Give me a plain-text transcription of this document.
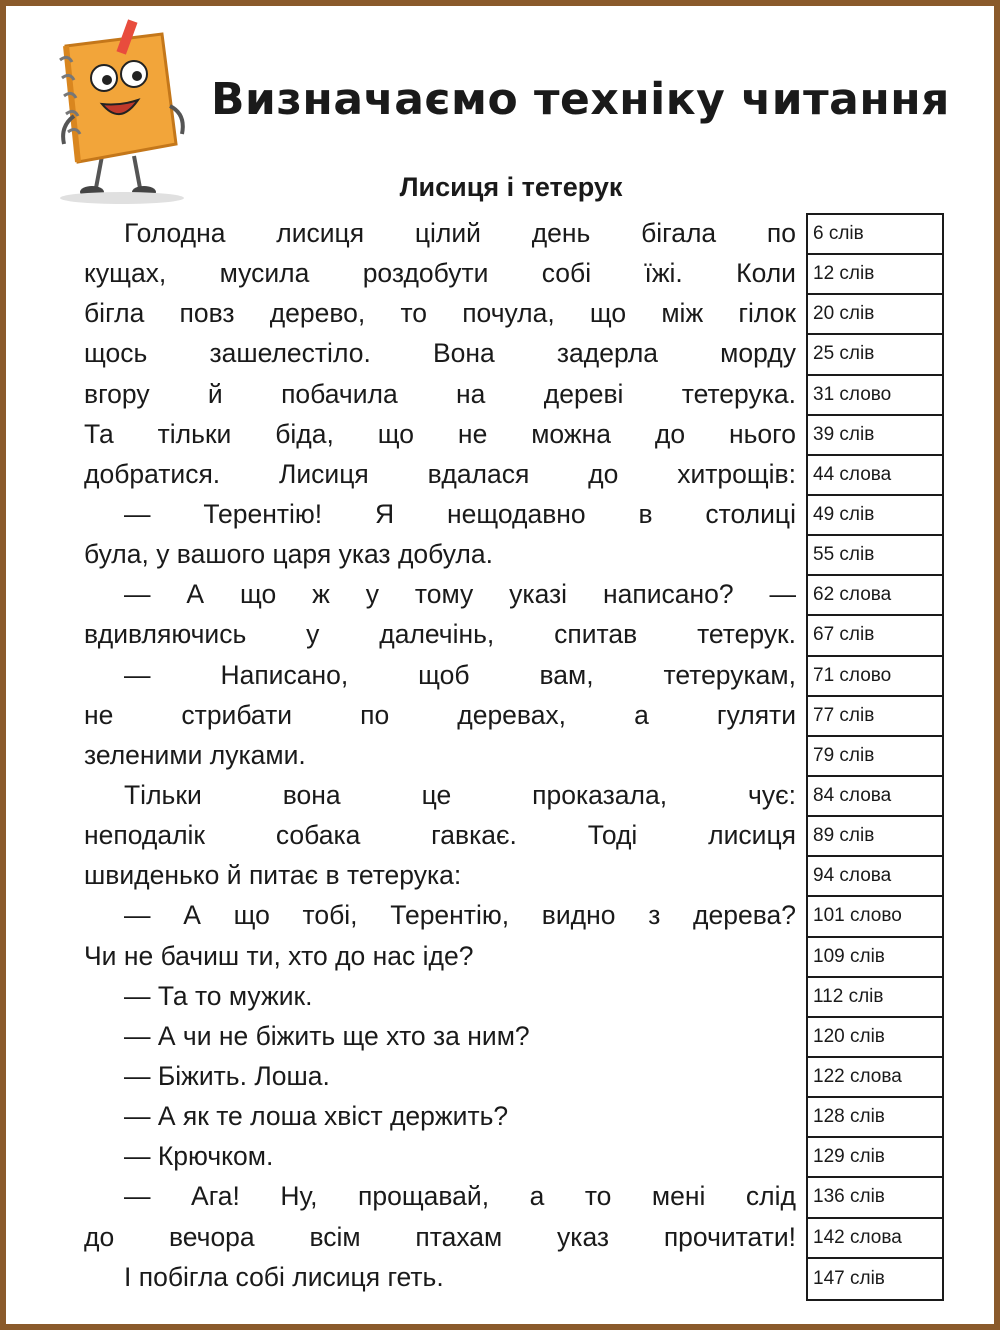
Визначаємо техніку читання
Лисиця і тетерук
Голодна лисиця цілий день бігала по
кущах, мусила роздобути собі їжі. Коли
бігла повз дерево, то почула, що між гілок
щось зашелестіло. Вона задерла морду
вгору й побачила на дереві тетерука.
Та тільки біда, що не можна до нього
добратися. Лисиця вдалася до хитрощів:
— Терентію! Я нещодавно в столиці
була, у вашого царя указ добула.
— А що ж у тому указі написано? —
вдивляючись у далечінь, спитав тетерук.
— Написано, щоб вам, тетерукам,
не стрибати по деревах, а гуляти
зеленими луками.
Тільки вона це проказала, чує:
неподалік собака гавкає. Тоді лисиця
швиденько й питає в тетерука:
— А що тобі, Терентію, видно з дерева?
Чи не бачиш ти, хто до нас іде?
— Та то мужик.
— А чи не біжить ще хто за ним?
— Біжить. Лоша.
— А як те лоша хвіст держить?
— Крючком.
— Ага! Ну, прощавай, а то мені слід
до вечора всім птахам указ прочитати!
І побігла собі лисиця геть.
6 слів
12 слів
20 слів
25 слів
31 слово
39 слів
44 слова
49 слів
55 слів
62 слова
67 слів
71 слово
77 слів
79 слів
84 слова
89 слів
94 слова
101 слово
109 слів
112 слів
120 слів
122 слова
128 слів
129 слів
136 слів
142 слова
147 слів
